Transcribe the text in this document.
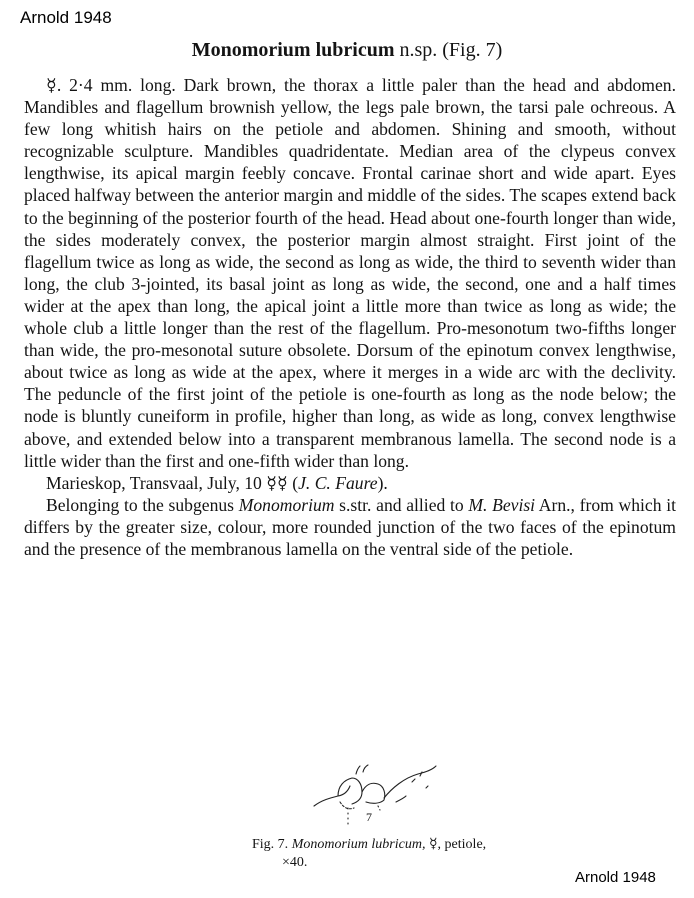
Arnold 1948
Monomorium lubricum n.sp. (Fig. 7)

☿. 2·4 mm. long. Dark brown, the thorax a little paler than the head and abdomen. Mandibles and flagellum brownish yellow, the legs pale brown, the tarsi pale ochreous. A few long whitish hairs on the petiole and abdomen. Shining and smooth, without recognizable sculpture. Mandibles quadridentate. Median area of the clypeus convex lengthwise, its apical margin feebly concave. Frontal carinae short and wide apart. Eyes placed halfway between the anterior margin and middle of the sides. The scapes extend back to the beginning of the posterior fourth of the head. Head about one-fourth longer than wide, the sides moderately convex, the posterior margin almost straight. First joint of the flagellum twice as long as wide, the second as long as wide, the third to seventh wider than long, the club 3-jointed, its basal joint as long as wide, the second, one and a half times wider at the apex than long, the apical joint a little more than twice as long as wide; the whole club a little longer than the rest of the flagellum. Pro-mesonotum two-fifths longer than wide, the pro-mesonotal suture obsolete. Dorsum of the epinotum convex lengthwise, about twice as long as wide at the apex, where it merges in a wide arc with the declivity. The peduncle of the first joint of the petiole is one-fourth as long as the node below; the node is bluntly cuneiform in profile, higher than long, as wide as long, convex lengthwise above, and extended below into a transparent membranous lamella. The second node is a little wider than the first and one-fifth wider than long.

Marieskop, Transvaal, July, 10 ☿☿ (J. C. Faure).

Belonging to the subgenus Monomorium s.str. and allied to M. Bevisi Arn., from which it differs by the greater size, colour, more rounded junction of the two faces of the epinotum and the presence of the membranous lamella on the ventral side of the petiole.

7
Fig. 7. Monomorium lubricum, ☿, petiole,
×40.
Arnold 1948
